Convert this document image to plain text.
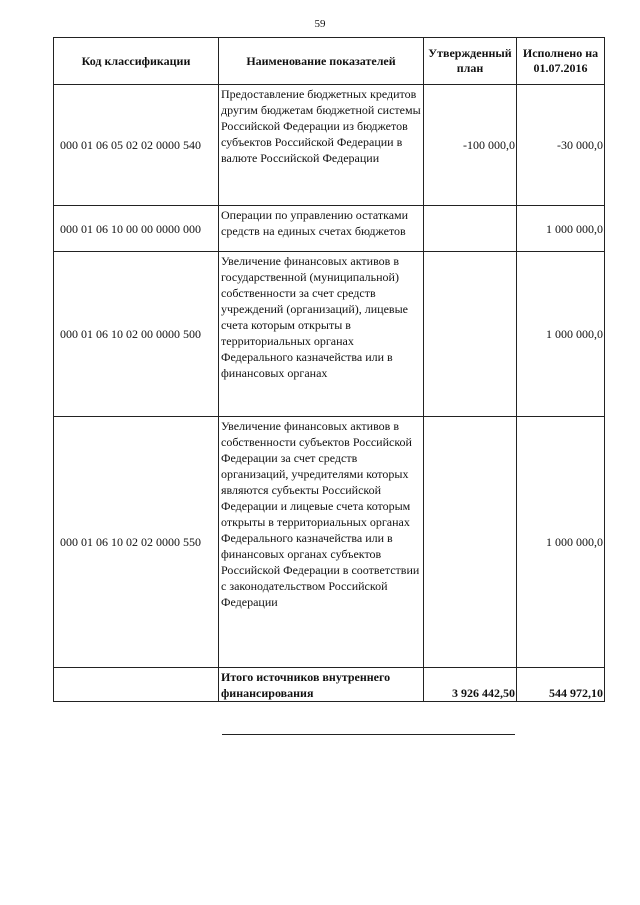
59
Код классификации	Наименование показателей	Утвержденный план	Исполнено на 01.07.2016
000 01 06 05 02 02 0000 540	Предоставление бюджетных кредитов другим бюджетам бюджетной системы Российской Федерации из бюджетов субъектов Российской Федерации в валюте Российской Федерации	-100 000,0	-30 000,0
000 01 06 10 00 00 0000 000	Операции по управлению остатками средств на единых счетах бюджетов		1 000 000,0
000 01 06 10 02 00 0000 500	Увеличение финансовых активов в государственной (муниципальной) собственности за счет средств учреждений (организаций), лицевые счета которым открыты в территориальных органах Федерального казначейства или в финансовых органах		1 000 000,0
000 01 06 10 02 02 0000 550	Увеличение финансовых активов в собственности субъектов Российской Федерации за счет средств организаций, учредителями которых являются субъекты Российской Федерации и лицевые счета которым открыты в территориальных органах Федерального казначейства или в финансовых органах субъектов Российской Федерации в соответствии с законодательством Российской Федерации		1 000 000,0
	Итого источников внутреннего финансирования	3 926 442,50	544 972,10
